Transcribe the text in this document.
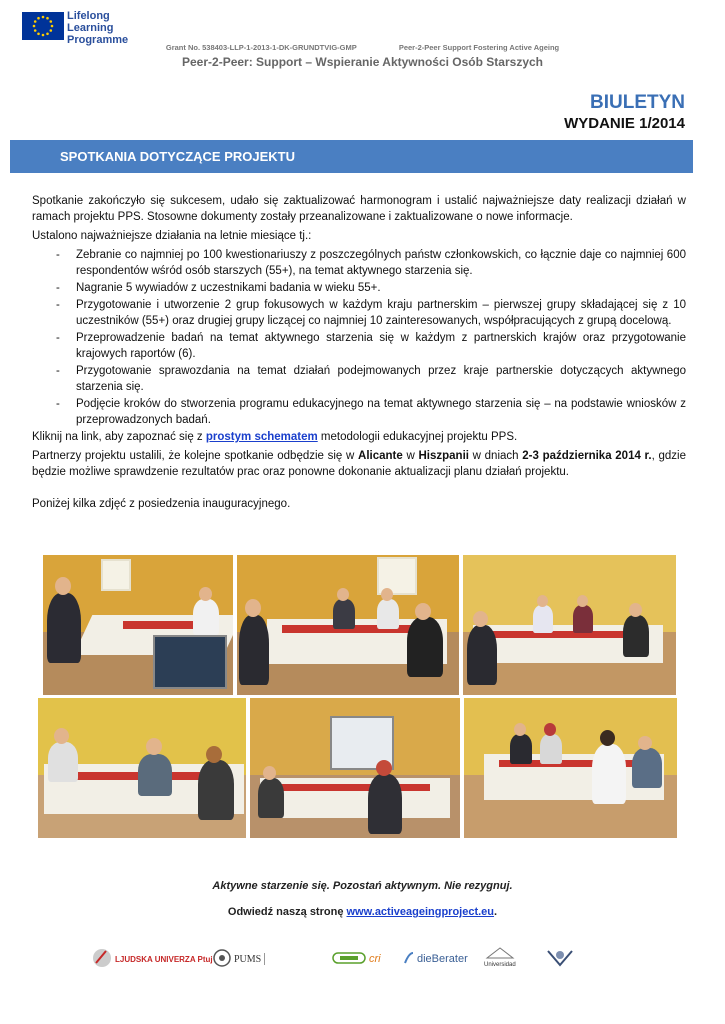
Lifelong
Learning
Programme
Grant No. 538403-LLP-1-2013-1-DK-GRUNDTVIG-GMP	Peer-2-Peer Support Fostering Active Ageing
Peer-2-Peer: Support – Wspieranie Aktywności Osób Starszych
BIULETYN
WYDANIE 1/2014
SPOTKANIA DOTYCZĄCE PROJEKTU

Spotkanie zakończyło się sukcesem, udało się zaktualizować harmonogram i ustalić najważniejsze daty realizacji działań w ramach projektu PPS. Stosowne dokumenty zostały przeanalizowane i zaktualizowane o nowe informacje.

Ustalono najważniejsze działania na letnie miesiące tj.:

- Zebranie co najmniej po 100 kwestionariuszy z poszczególnych państw członkowskich, co łącznie daje co najmniej 600 respondentów wśród osób starszych (55+), na temat aktywnego starzenia się.
- Nagranie 5 wywiadów z uczestnikami badania w wieku 55+.
- Przygotowanie i utworzenie 2 grup fokusowych w każdym kraju partnerskim – pierwszej grupy składającej się z 10 uczestników (55+) oraz drugiej grupy liczącej co najmniej 10 zainteresowanych, współpracujących z grupą docelową.
- Przeprowadzenie badań na temat aktywnego starzenia się w każdym z partnerskich krajów oraz przygotowanie krajowych raportów (6).
- Przygotowanie sprawozdania na temat działań podejmowanych przez kraje partnerskie dotyczących aktywnego starzenia się.
- Podjęcie kroków do stworzenia programu edukacyjnego na temat aktywnego starzenia się – na podstawie wniosków z przeprowadzonych badań.

Kliknij na link, aby zapoznać się z prostym schematem metodologii edukacyjnej projektu PPS.

Partnerzy projektu ustalili, że kolejne spotkanie odbędzie się w Alicante w Hiszpanii w dniach 2-3 października 2014 r., gdzie będzie możliwe sprawdzenie rezultatów prac oraz ponowne dokonanie aktualizacji planu działań projektu.

Poniżej kilka zdjęć z posiedzenia inauguracyjnego.

Aktywne starzenie się. Pozostań aktywnym. Nie rezygnuj.
Odwiedź naszą stronę www.activeageingproject.eu.
LJUDSKA UNIVERZA Ptuj PUMS	cri	dieBerater	Universidad
